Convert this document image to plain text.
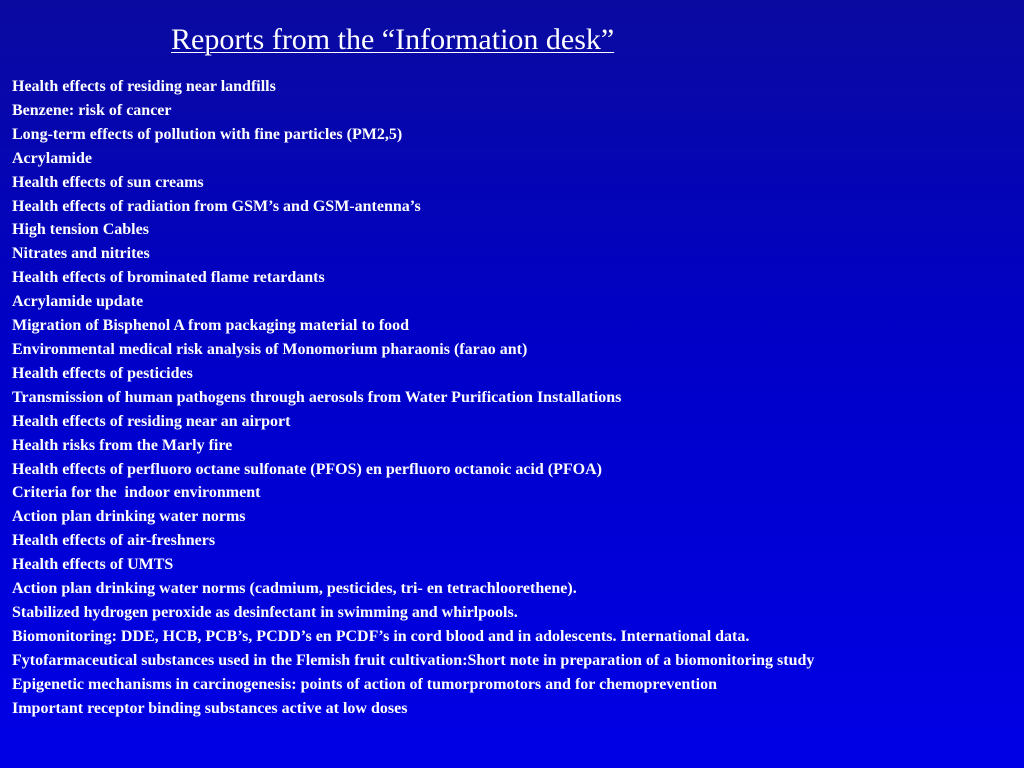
Reports from the “Information desk”
Health effects of residing near landfills
Benzene: risk of cancer
Long-term effects of pollution with fine particles (PM2,5)
Acrylamide
Health effects of sun creams
Health effects of radiation from GSM’s and GSM-antenna’s
High tension Cables
Nitrates and nitrites
Health effects of brominated flame retardants
Acrylamide update
Migration of Bisphenol A from packaging material to food
Environmental medical risk analysis of Monomorium pharaonis (farao ant)
Health effects of pesticides
Transmission of human pathogens through aerosols from Water Purification Installations
Health effects of residing near an airport
Health risks from the Marly fire
Health effects of perfluoro octane sulfonate (PFOS) en perfluoro octanoic acid (PFOA)
Criteria for the  indoor environment
Action plan drinking water norms
Health effects of air-freshners
Health effects of UMTS
Action plan drinking water norms (cadmium, pesticides, tri- en tetrachloorethene).
Stabilized hydrogen peroxide as desinfectant in swimming and whirlpools.
Biomonitoring: DDE, HCB, PCB’s, PCDD’s en PCDF’s in cord blood and in adolescents. International data.
Fytofarmaceutical substances used in the Flemish fruit cultivation:Short note in preparation of a biomonitoring study
Epigenetic mechanisms in carcinogenesis: points of action of tumorpromotors and for chemoprevention
Important receptor binding substances active at low doses
